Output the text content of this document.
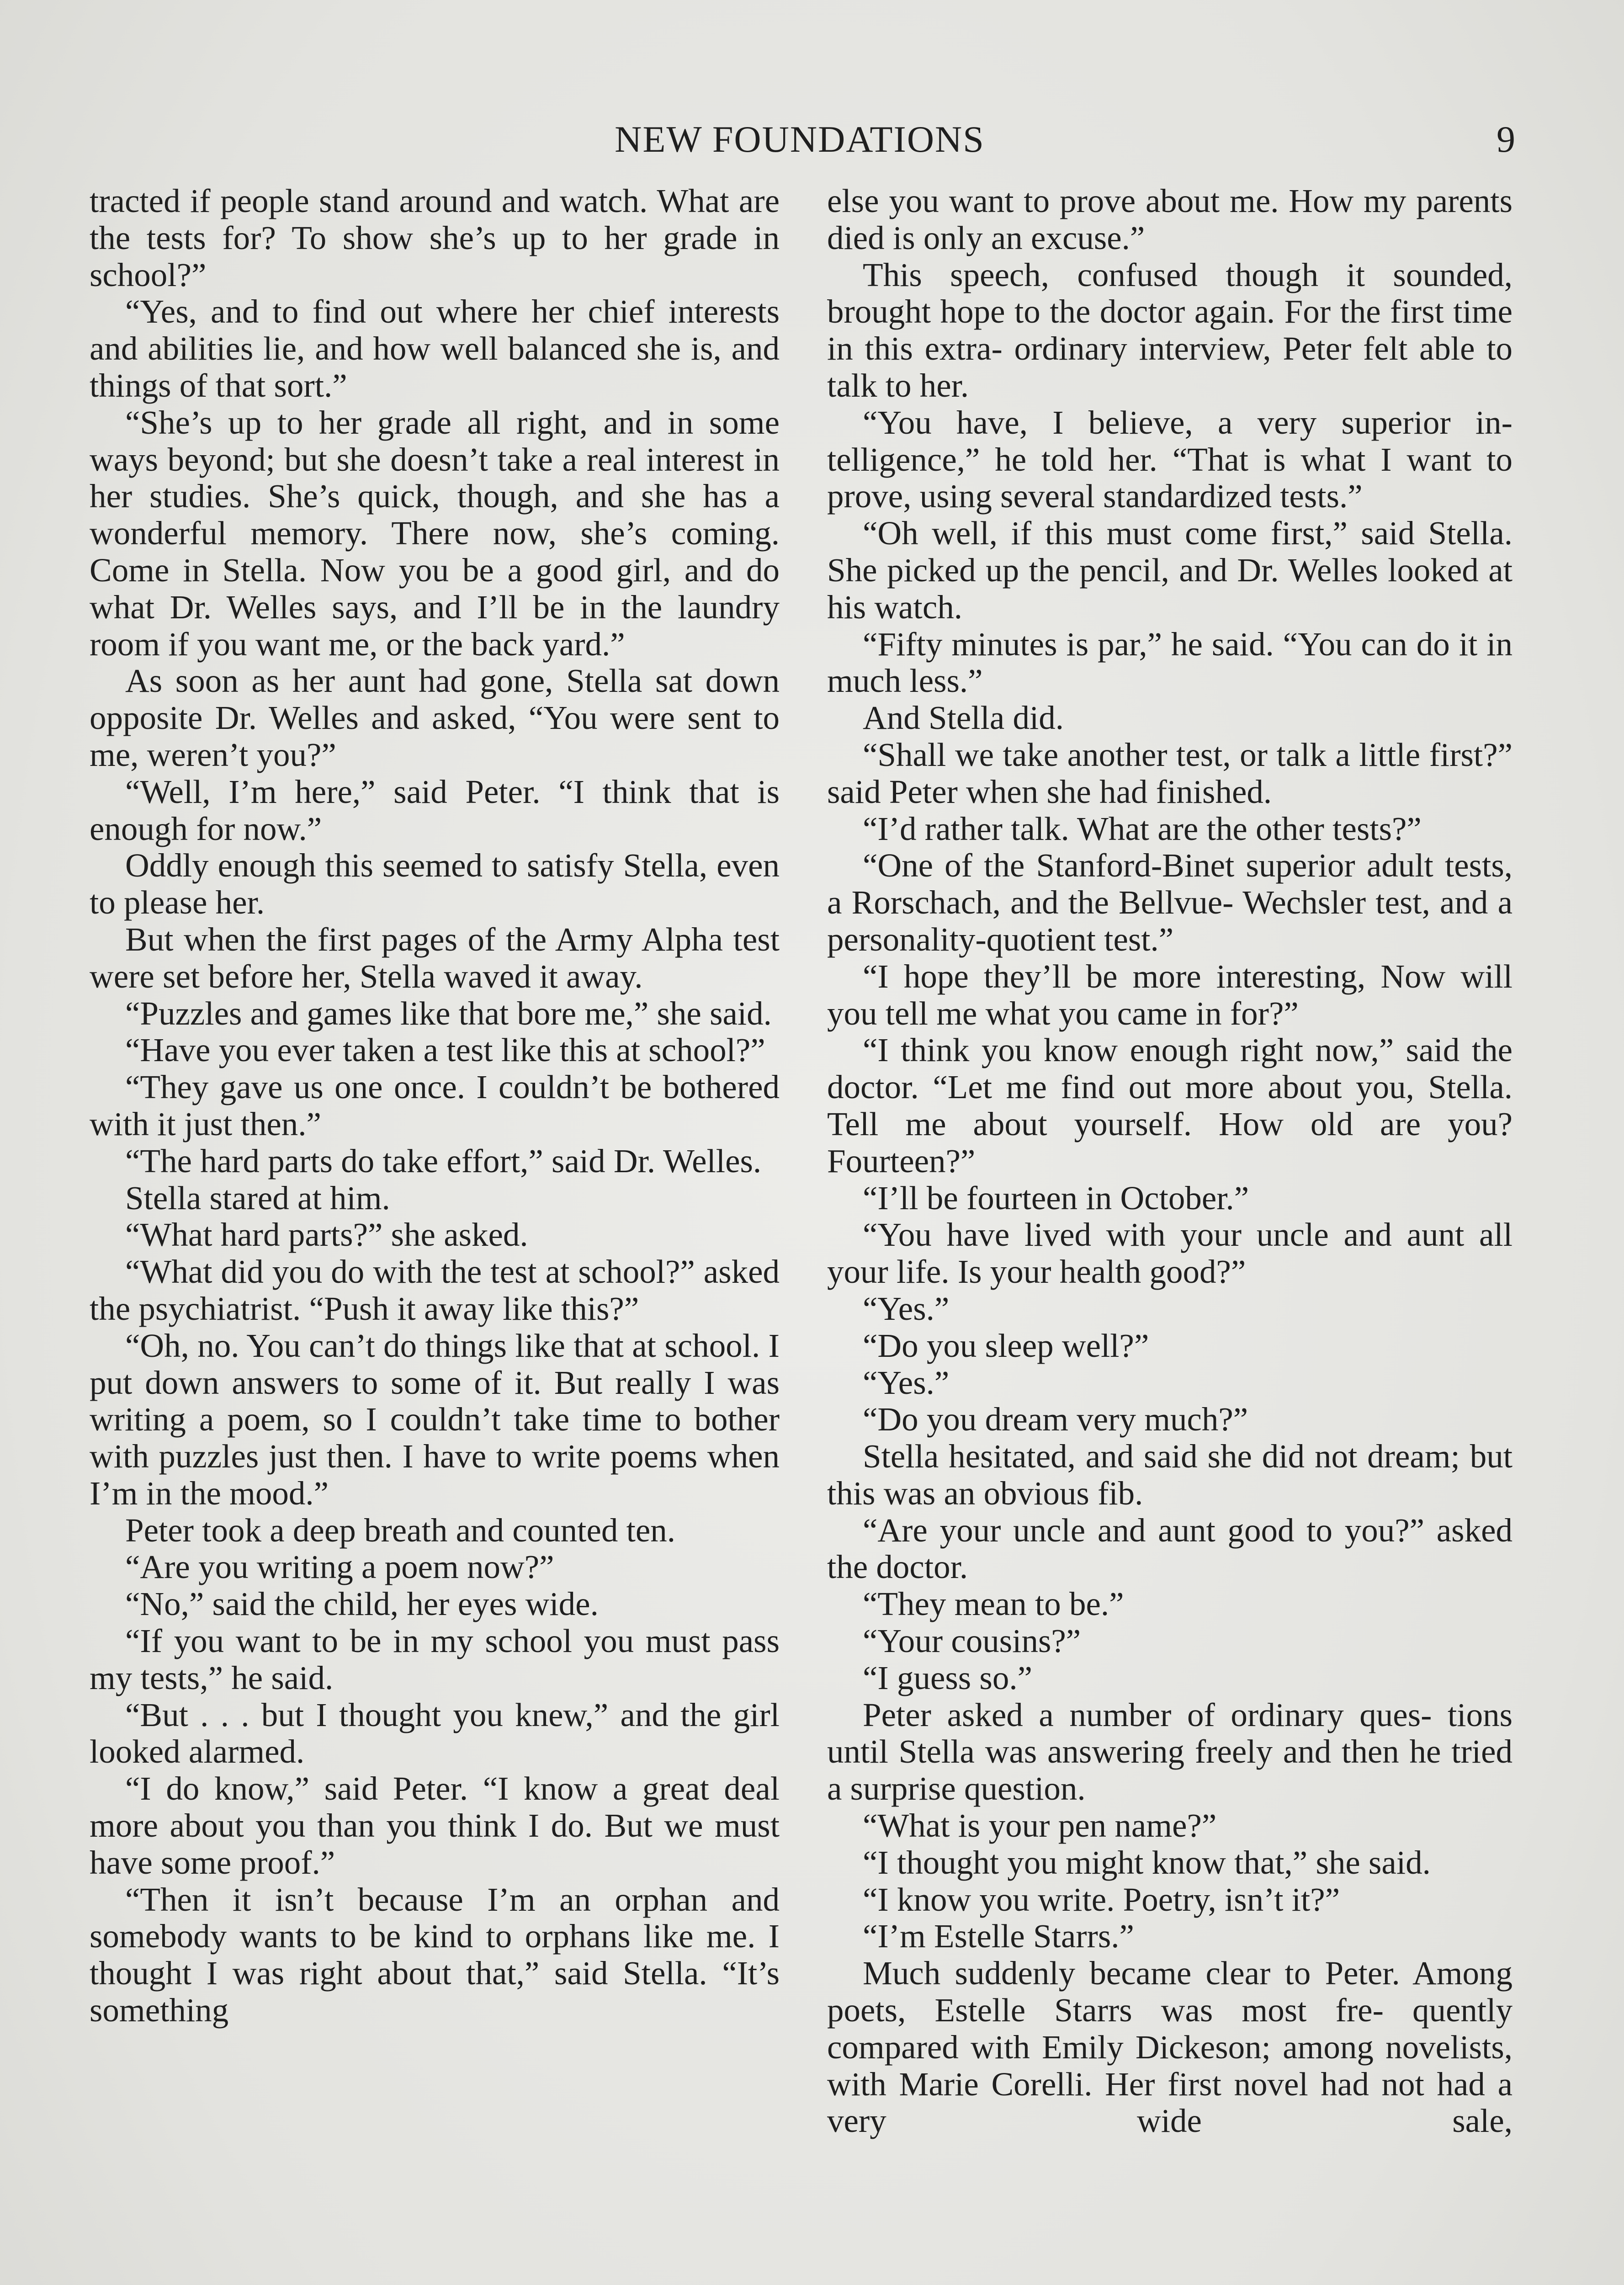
NEW FOUNDATIONS	9

tracted if people stand around and watch. What are the tests for? To show she’s up to her grade in school?”

“Yes, and to find out where her chief interests and abilities lie, and how well balanced she is, and things of that sort.”

“She’s up to her grade all right, and in some ways beyond; but she doesn’t take a real interest in her studies. She’s quick, though, and she has a wonderful memory. There now, she’s coming. Come in Stella. Now you be a good girl, and do what Dr. Welles says, and I’ll be in the laundry room if you want me, or the back yard.”

As soon as her aunt had gone, Stella sat down opposite Dr. Welles and asked, “You were sent to me, weren’t you?”

“Well, I’m here,” said Peter. “I think that is enough for now.”

Oddly enough this seemed to satisfy Stella, even to please her.

But when the first pages of the Army Alpha test were set before her, Stella waved it away.

“Puzzles and games like that bore me,” she said.

“Have you ever taken a test like this at school?”

“They gave us one once. I couldn’t be bothered with it just then.”

“The hard parts do take effort,” said Dr. Welles.

Stella stared at him.

“What hard parts?” she asked.

“What did you do with the test at school?” asked the psychiatrist. “Push it away like this?”

“Oh, no. You can’t do things like that at school. I put down answers to some of it. But really I was writing a poem, so I couldn’t take time to bother with puzzles just then. I have to write poems when I’m in the mood.”

Peter took a deep breath and counted ten.

“Are you writing a poem now?”

“No,” said the child, her eyes wide.

“If you want to be in my school you must pass my tests,” he said.

“But . . . but I thought you knew,” and the girl looked alarmed.

“I do know,” said Peter. “I know a great deal more about you than you think I do. But we must have some proof.”

“Then it isn’t because I’m an orphan and somebody wants to be kind to orphans like me. I thought I was right about that,” said Stella. “It’s something

else you want to prove about me. How my parents died is only an excuse.”

This speech, confused though it sounded, brought hope to the doctor again. For the first time in this extra- ordinary interview, Peter felt able to talk to her.

“You have, I believe, a very superior in- telligence,” he told her. “That is what I want to prove, using several standardized tests.”

“Oh well, if this must come first,” said Stella. She picked up the pencil, and Dr. Welles looked at his watch.

“Fifty minutes is par,” he said. “You can do it in much less.”

And Stella did.

“Shall we take another test, or talk a little first?” said Peter when she had finished.

“I’d rather talk. What are the other tests?”

“One of the Stanford-Binet superior adult tests, a Rorschach, and the Bellvue- Wechsler test, and a personality-quotient test.”

“I hope they’ll be more interesting, Now will you tell me what you came in for?”

“I think you know enough right now,” said the doctor. “Let me find out more about you, Stella. Tell me about yourself. How old are you? Fourteen?”

“I’ll be fourteen in October.”

“You have lived with your uncle and aunt all your life. Is your health good?”

“Yes.”

“Do you sleep well?”

“Yes.”

“Do you dream very much?”

Stella hesitated, and said she did not dream; but this was an obvious fib.

“Are your uncle and aunt good to you?” asked the doctor.

“They mean to be.”

“Your cousins?”

“I guess so.”

Peter asked a number of ordinary ques- tions until Stella was answering freely and then he tried a surprise question.

“What is your pen name?”

“I thought you might know that,” she said.

“I know you write. Poetry, isn’t it?”

“I’m Estelle Starrs.”

Much suddenly became clear to Peter. Among poets, Estelle Starrs was most fre- quently compared with Emily Dickeson; among novelists, with Marie Corelli. Her first novel had not had a very wide sale,
